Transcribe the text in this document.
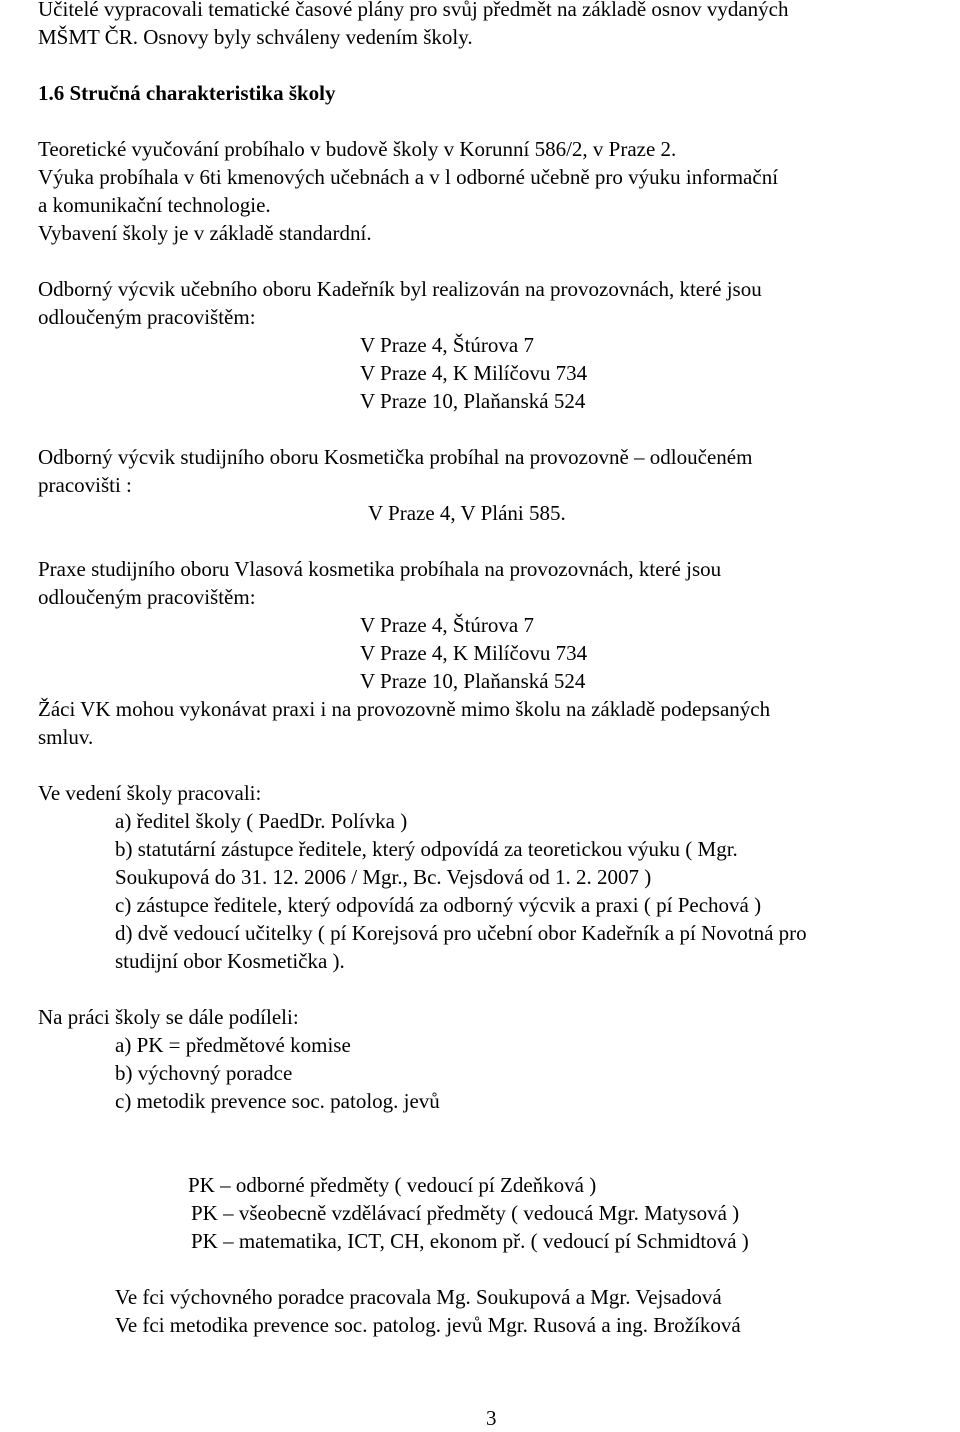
Učitelé vypracovali tematické časové plány pro svůj předmět na základě osnov vydaných
MŠMT ČR. Osnovy byly schváleny vedením školy.
1.6 Stručná charakteristika školy
Teoretické vyučování probíhalo v budově školy v Korunní 586/2, v Praze 2.
Výuka probíhala v 6ti kmenových učebnách a v l odborné učebně pro výuku informační
a komunikační technologie.
Vybavení školy je v základě standardní.
Odborný výcvik učebního oboru Kadeřník byl realizován na provozovnách, které jsou
odloučeným pracovištěm:
V Praze 4, Štúrova 7
V Praze 4, K Milíčovu 734
V Praze 10, Plaňanská 524
Odborný výcvik studijního oboru Kosmetička probíhal na provozovně – odloučeném
pracovišti :
V Praze 4, V Pláni 585.
Praxe studijního oboru Vlasová kosmetika probíhala na provozovnách, které jsou
odloučeným pracovištěm:
V Praze 4, Štúrova 7
V Praze 4, K Milíčovu 734
V Praze 10, Plaňanská 524
Žáci VK mohou vykonávat praxi i na provozovně mimo školu na základě podepsaných
smluv.
Ve vedení školy pracovali:
a) ředitel školy ( PaedDr. Polívka )
b) statutární zástupce ředitele, který odpovídá za teoretickou výuku ( Mgr.
Soukupová do 31. 12. 2006 / Mgr., Bc. Vejsdová od 1. 2. 2007 )
c) zástupce ředitele, který odpovídá za odborný výcvik a praxi ( pí Pechová )
d) dvě vedoucí učitelky ( pí Korejsová pro učební obor Kadeřník a pí Novotná pro
studijní obor Kosmetička ).
Na práci školy se dále podíleli:
a) PK = předmětové komise
b) výchovný poradce
c) metodik prevence soc. patolog. jevů
PK – odborné předměty ( vedoucí pí Zdeňková )
PK – všeobecně vzdělávací předměty ( vedoucá Mgr. Matysová )
PK – matematika, ICT, CH, ekonom př. ( vedoucí pí Schmidtová )
Ve fci výchovného poradce pracovala Mg. Soukupová a Mgr. Vejsadová
Ve fci metodika prevence soc. patolog. jevů Mgr. Rusová a ing. Brožíková
3
